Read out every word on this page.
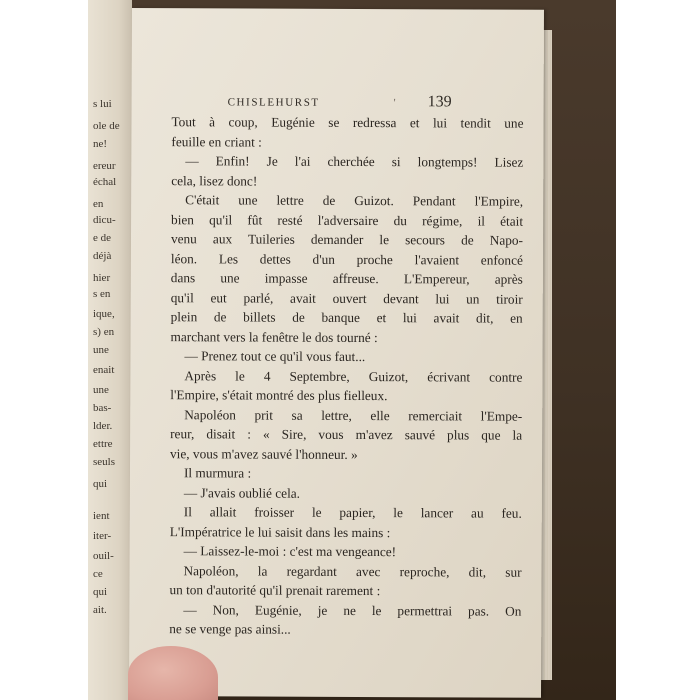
s lui
ole de
ne!
ereur
échal
en
dicu-
e de
déjà
hier
s en
ique,
s) en
une
enait
une
bas-
lder.
ettre
seuls
qui
ient
iter-
ouil-
ce
qui
ait.
CHISLEHURST	' 139
Tout à coup, Eugénie se redressa et lui tendit une
feuille en criant :
— Enfin! Je l'ai cherchée si longtemps! Lisez
cela, lisez donc!
C'était une lettre de Guizot. Pendant l'Empire,
bien qu'il fût resté l'adversaire du régime, il était
venu aux Tuileries demander le secours de Napo-
léon. Les dettes d'un proche l'avaient enfoncé
dans une impasse affreuse. L'Empereur, après
qu'il eut parlé, avait ouvert devant lui un tiroir
plein de billets de banque et lui avait dit, en
marchant vers la fenêtre le dos tourné :
— Prenez tout ce qu'il vous faut...
Après le 4 Septembre, Guizot, écrivant contre
l'Empire, s'était montré des plus fielleux.
Napoléon prit sa lettre, elle remerciait l'Empe-
reur, disait : « Sire, vous m'avez sauvé plus que la
vie, vous m'avez sauvé l'honneur. »
Il murmura :
— J'avais oublié cela.
Il allait froisser le papier, le lancer au feu.
L'Impératrice le lui saisit dans les mains :
— Laissez-le-moi : c'est ma vengeance!
Napoléon, la regardant avec reproche, dit, sur
un ton d'autorité qu'il prenait rarement :
— Non, Eugénie, je ne le permettrai pas. On
ne se venge pas ainsi...
